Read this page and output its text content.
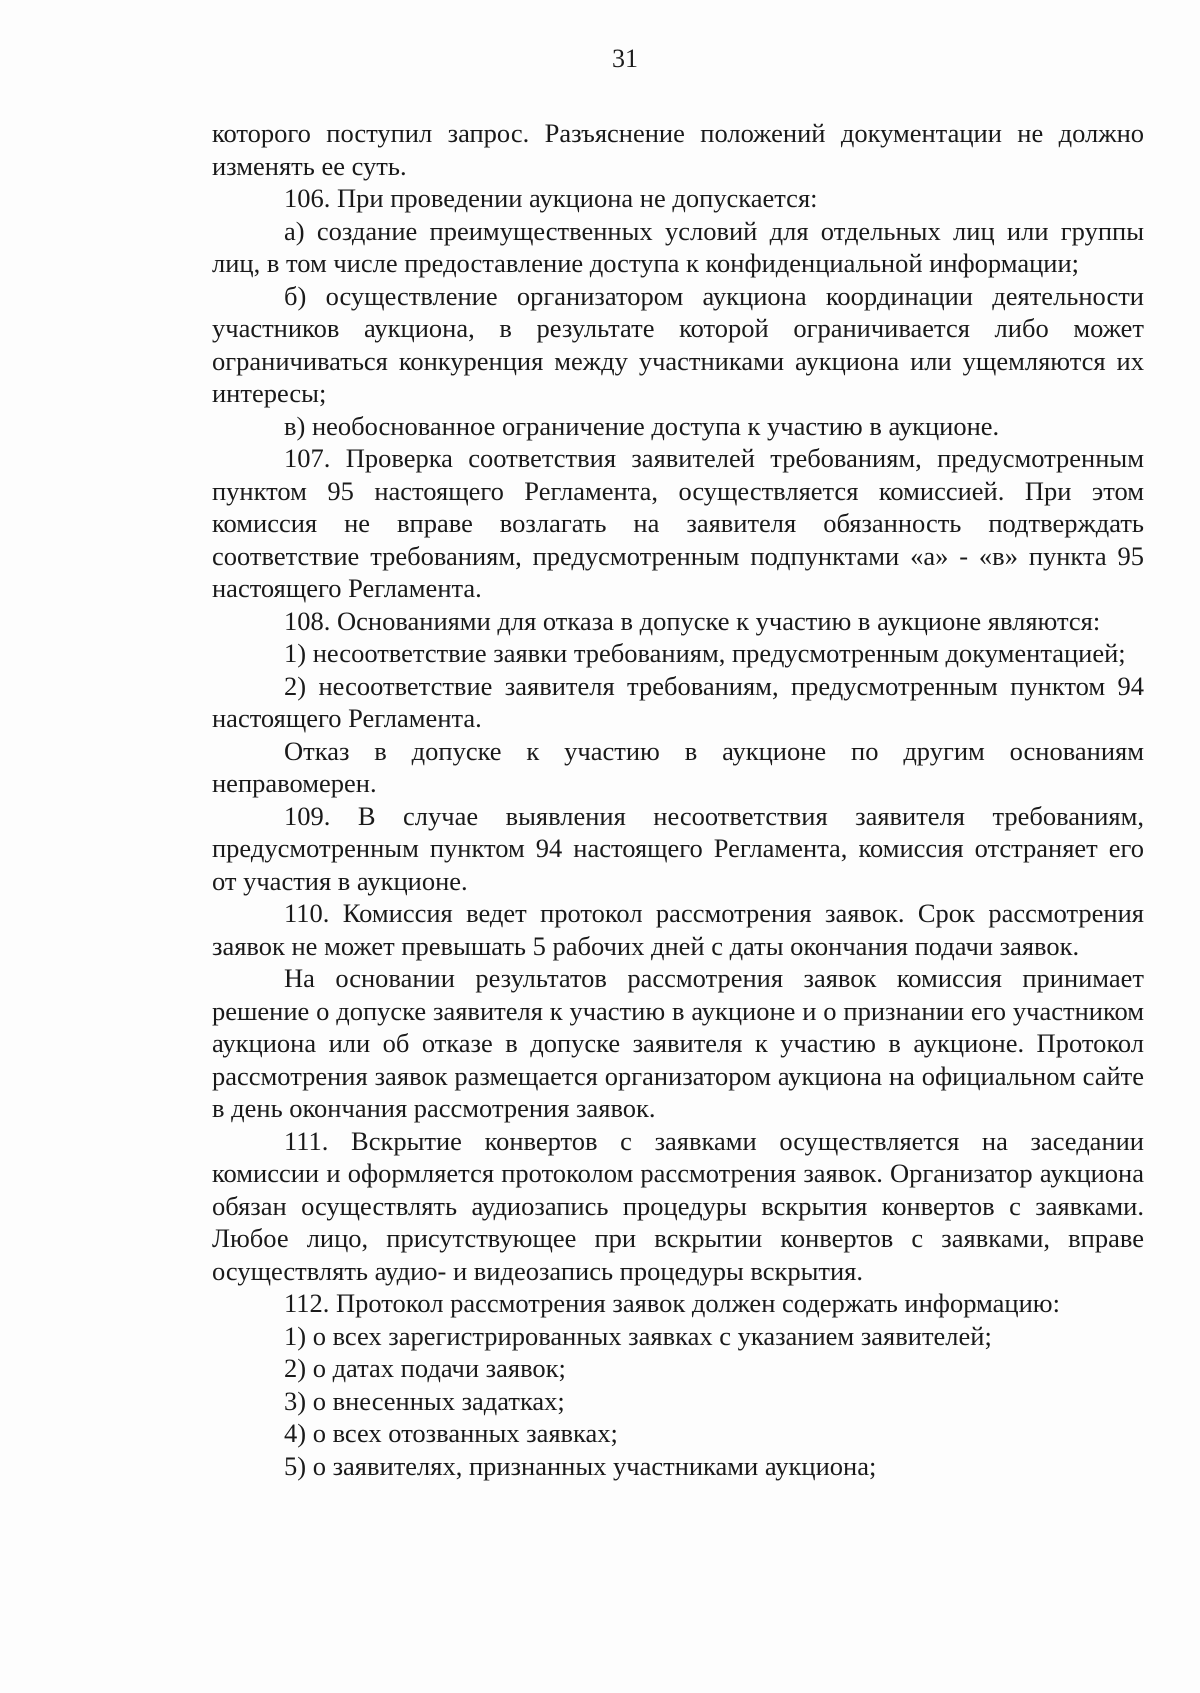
31

которого поступил запрос. Разъяснение положений документации не должно изменять ее суть.

106. При проведении аукциона не допускается:

а) создание преимущественных условий для отдельных лиц или группы лиц, в том числе предоставление доступа к конфиденциальной информации;

б) осуществление организатором аукциона координации деятельности участников аукциона, в результате которой ограничивается либо может ограничиваться конкуренция между участниками аукциона или ущемляются их интересы;

в) необоснованное ограничение доступа к участию в аукционе.

107. Проверка соответствия заявителей требованиям, предусмотренным пунктом 95 настоящего Регламента, осуществляется комиссией. При этом комиссия не вправе возлагать на заявителя обязанность подтверждать соответствие требованиям, предусмотренным подпунктами «а» - «в» пункта 95 настоящего Регламента.

108. Основаниями для отказа в допуске к участию в аукционе являются:

1) несоответствие заявки требованиям, предусмотренным документацией;

2) несоответствие заявителя требованиям, предусмотренным пунктом 94 настоящего Регламента.

Отказ в допуске к участию в аукционе по другим основаниям неправомерен.

109. В случае выявления несоответствия заявителя требованиям, предусмотренным пунктом 94 настоящего Регламента, комиссия отстраняет его от участия в аукционе.

110. Комиссия ведет протокол рассмотрения заявок. Срок рассмотрения заявок не может превышать 5 рабочих дней с даты окончания подачи заявок.

На основании результатов рассмотрения заявок комиссия принимает решение о допуске заявителя к участию в аукционе и о признании его участником аукциона или об отказе в допуске заявителя к участию в аукционе. Протокол рассмотрения заявок размещается организатором аукциона на официальном сайте в день окончания рассмотрения заявок.

111. Вскрытие конвертов с заявками осуществляется на заседании комиссии и оформляется протоколом рассмотрения заявок. Организатор аукциона обязан осуществлять аудиозапись процедуры вскрытия конвертов с заявками. Любое лицо, присутствующее при вскрытии конвертов с заявками, вправе осуществлять аудио- и видеозапись процедуры вскрытия.

112. Протокол рассмотрения заявок должен содержать информацию:

1) о всех зарегистрированных заявках с указанием заявителей;

2) о датах подачи заявок;

3) о внесенных задатках;

4) о всех отозванных заявках;

5) о заявителях, признанных участниками аукциона;
